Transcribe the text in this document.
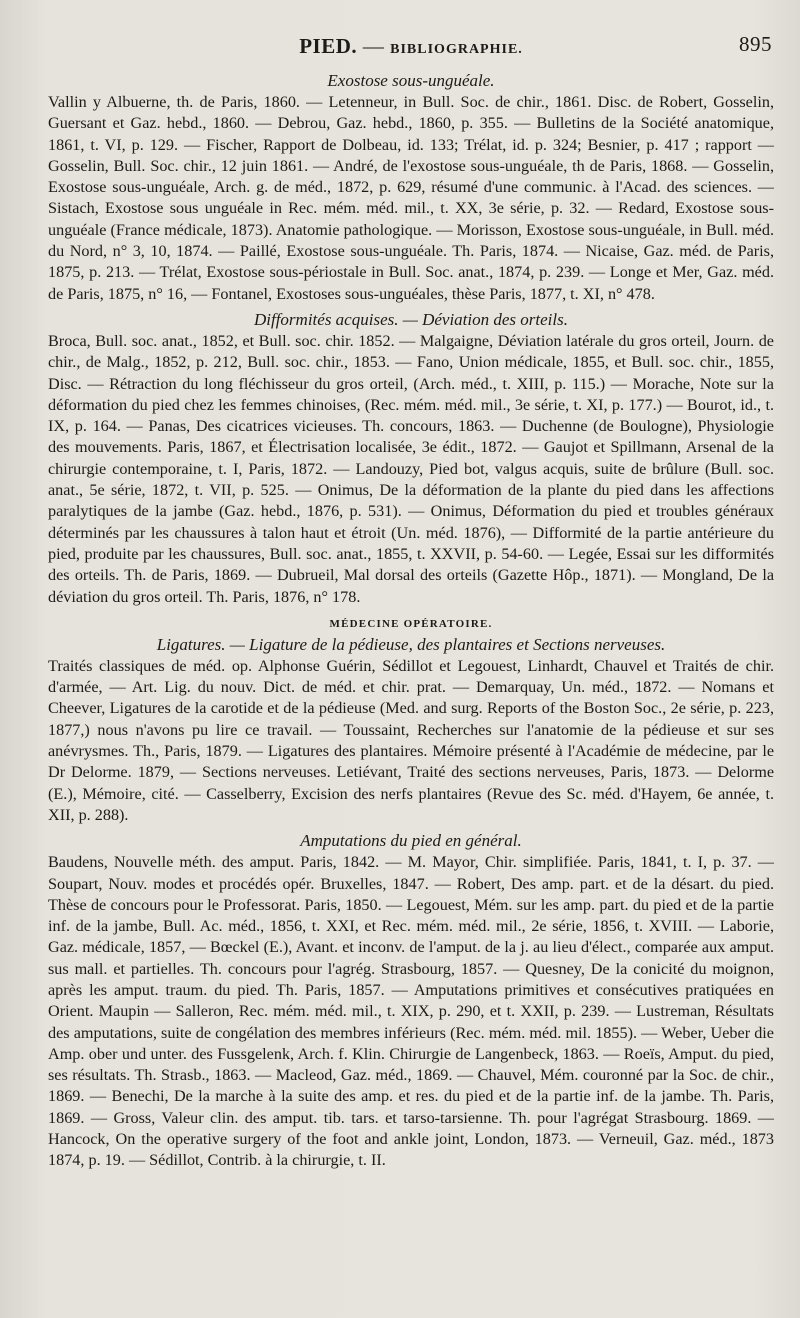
PIED. — BIBLIOGRAPHIE.	895
Exostose sous-unguéale.

Vallin y Albuerne, th. de Paris, 1860. — Letenneur, in Bull. Soc. de chir., 1861. Disc. de Robert, Gosselin, Guersant et Gaz. hebd., 1860. — Debrou, Gaz. hebd., 1860, p. 355. — Bulletins de la Société anatomique, 1861, t. VI, p. 129. — Fischer, Rapport de Dolbeau, id. 133; Trélat, id. p. 324; Besnier, p. 417 ; rapport — Gosselin, Bull. Soc. chir., 12 juin 1861. — André, de l'exostose sous-unguéale, th de Paris, 1868. — Gosselin, Exostose sous-unguéale, Arch. g. de méd., 1872, p. 629, résumé d'une communic. à l'Acad. des sciences. — Sistach, Exostose sous unguéale in Rec. mém. méd. mil., t. XX, 3e série, p. 32. — Redard, Exostose sous-unguéale (France médicale, 1873). Anatomie pathologique. — Morisson, Exostose sous-unguéale, in Bull. méd. du Nord, n° 3, 10, 1874. — Paillé, Exostose sous-unguéale. Th. Paris, 1874. — Nicaise, Gaz. méd. de Paris, 1875, p. 213. — Trélat, Exostose sous-périostale in Bull. Soc. anat., 1874, p. 239. — Longe et Mer, Gaz. méd. de Paris, 1875, n° 16, — Fontanel, Exostoses sous-unguéales, thèse Paris, 1877, t. XI, n° 478.

Difformités acquises. — Déviation des orteils.

Broca, Bull. soc. anat., 1852, et Bull. soc. chir. 1852. — Malgaigne, Déviation latérale du gros orteil, Journ. de chir., de Malg., 1852, p. 212, Bull. soc. chir., 1853. — Fano, Union médicale, 1855, et Bull. soc. chir., 1855, Disc. — Rétraction du long fléchisseur du gros orteil, (Arch. méd., t. XIII, p. 115.) — Morache, Note sur la déformation du pied chez les femmes chinoises, (Rec. mém. méd. mil., 3e série, t. XI, p. 177.) — Bourot, id., t. IX, p. 164. — Panas, Des cicatrices vicieuses. Th. concours, 1863. — Duchenne (de Boulogne), Physiologie des mouvements. Paris, 1867, et Électrisation localisée, 3e édit., 1872. — Gaujot et Spillmann, Arsenal de la chirurgie contemporaine, t. I, Paris, 1872. — Landouzy, Pied bot, valgus acquis, suite de brûlure (Bull. soc. anat., 5e série, 1872, t. VII, p. 525. — Onimus, De la déformation de la plante du pied dans les affections paralytiques de la jambe (Gaz. hebd., 1876, p. 531). — Onimus, Déformation du pied et troubles généraux déterminés par les chaussures à talon haut et étroit (Un. méd. 1876), — Difformité de la partie antérieure du pied, produite par les chaussures, Bull. soc. anat., 1855, t. XXVII, p. 54-60. — Legée, Essai sur les difformités des orteils. Th. de Paris, 1869. — Dubrueil, Mal dorsal des orteils (Gazette Hôp., 1871). — Mongland, De la déviation du gros orteil. Th. Paris, 1876, n° 178.

MÉDECINE OPÉRATOIRE.
Ligatures. — Ligature de la pédieuse, des plantaires et Sections nerveuses.

Traités classiques de méd. op. Alphonse Guérin, Sédillot et Legouest, Linhardt, Chauvel et Traités de chir. d'armée, — Art. Lig. du nouv. Dict. de méd. et chir. prat. — Demarquay, Un. méd., 1872. — Nomans et Cheever, Ligatures de la carotide et de la pédieuse (Med. and surg. Reports of the Boston Soc., 2e série, p. 223, 1877,) nous n'avons pu lire ce travail. — Toussaint, Recherches sur l'anatomie de la pédieuse et sur ses anévrysmes. Th., Paris, 1879. — Ligatures des plantaires. Mémoire présenté à l'Académie de médecine, par le Dr Delorme. 1879, — Sections nerveuses. Letiévant, Traité des sections nerveuses, Paris, 1873. — Delorme (E.), Mémoire, cité. — Casselberry, Excision des nerfs plantaires (Revue des Sc. méd. d'Hayem, 6e année, t. XII, p. 288).

Amputations du pied en général.

Baudens, Nouvelle méth. des amput. Paris, 1842. — M. Mayor, Chir. simplifiée. Paris, 1841, t. I, p. 37. — Soupart, Nouv. modes et procédés opér. Bruxelles, 1847. — Robert, Des amp. part. et de la désart. du pied. Thèse de concours pour le Professorat. Paris, 1850. — Legouest, Mém. sur les amp. part. du pied et de la partie inf. de la jambe, Bull. Ac. méd., 1856, t. XXI, et Rec. mém. méd. mil., 2e série, 1856, t. XVIII. — Laborie, Gaz. médicale, 1857, — Bœckel (E.), Avant. et inconv. de l'amput. de la j. au lieu d'élect., comparée aux amput. sus mall. et partielles. Th. concours pour l'agrég. Strasbourg, 1857. — Quesney, De la conicité du moignon, après les amput. traum. du pied. Th. Paris, 1857. — Amputations primitives et consécutives pratiquées en Orient. Maupin — Salleron, Rec. mém. méd. mil., t. XIX, p. 290, et t. XXII, p. 239. — Lustreman, Résultats des amputations, suite de congélation des membres inférieurs (Rec. mém. méd. mil. 1855). — Weber, Ueber die Amp. ober und unter. des Fussgelenk, Arch. f. Klin. Chirurgie de Langenbeck, 1863. — Roeïs, Amput. du pied, ses résultats. Th. Strasb., 1863. — Macleod, Gaz. méd., 1869. — Chauvel, Mém. couronné par la Soc. de chir., 1869. — Benechi, De la marche à la suite des amp. et res. du pied et de la partie inf. de la jambe. Th. Paris, 1869. — Gross, Valeur clin. des amput. tib. tars. et tarso-tarsienne. Th. pour l'agrégat Strasbourg. 1869. — Hancock, On the operative surgery of the foot and ankle joint, London, 1873. — Verneuil, Gaz. méd., 1873 1874, p. 19. — Sédillot, Contrib. à la chirurgie, t. II.
